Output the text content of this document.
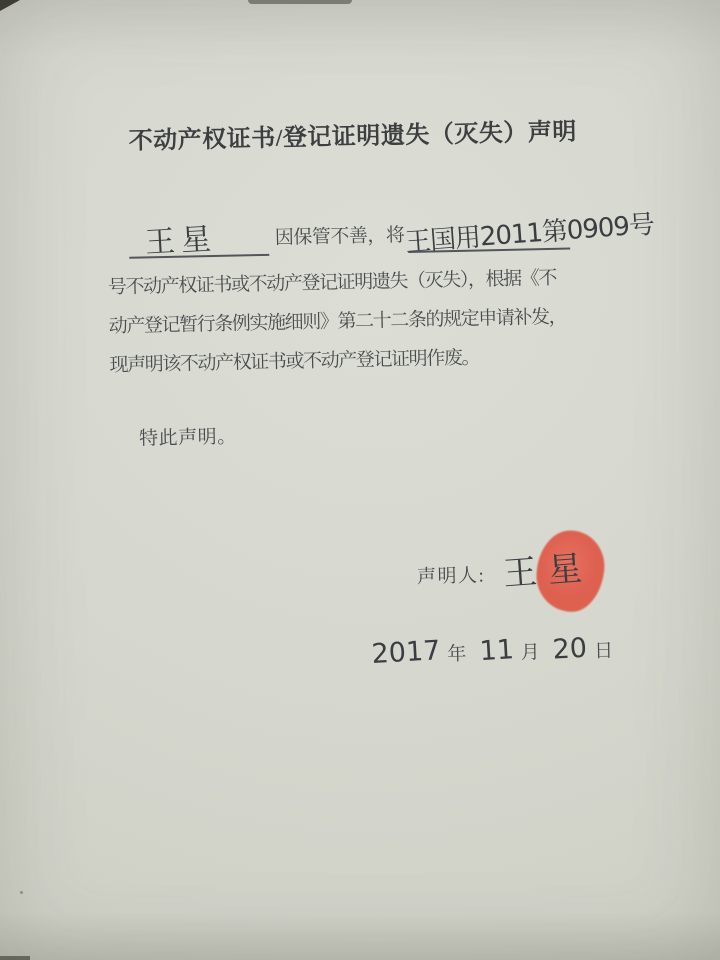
不动产权证书/登记证明遗失（灭失）声明
王星	因保管不善，将 王国用2011第0909号
号不动产权证书或不动产登记证明遗失（灭失），根据《不
动产登记暂行条例实施细则》第二十二条的规定申请补发，
现声明该不动产权证书或不动产登记证明作废。
特此声明。
声明人: 王星
2017 年 11 月 20 日
